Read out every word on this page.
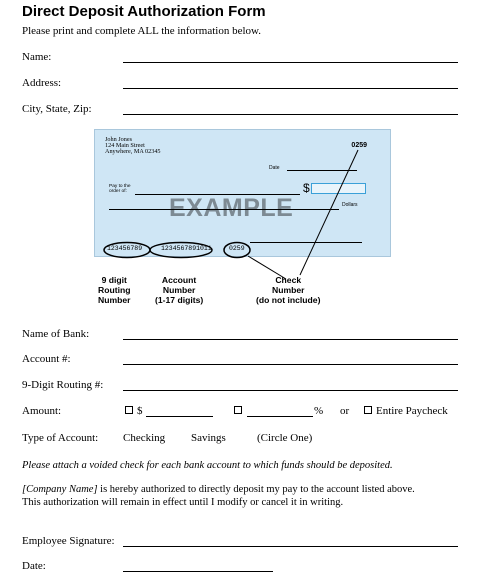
Direct Deposit Authorization Form
Please print and complete ALL the information below.
Name:
Address:
City, State, Zip:
John Jones
124 Main Street
Anywhere, MA 02345
0259
Date
Pay to the
order of:	$
EXAMPLE	Dollars
123456789	1234567891011	0259
9 digit
Routing
Number
Account
Number
(1-17 digits)
Check
Number
(do not include)
Name of Bank:
Account #:
9-Digit Routing #:
Amount:	$	% or Entire Paycheck
Type of Account: Checking Savings	(Circle One)
Please attach a voided check for each bank account to which funds should be deposited.
[Company Name] is hereby authorized to directly deposit my pay to the account listed above.
This authorization will remain in effect until I modify or cancel it in writing.
Employee Signature:
Date:
